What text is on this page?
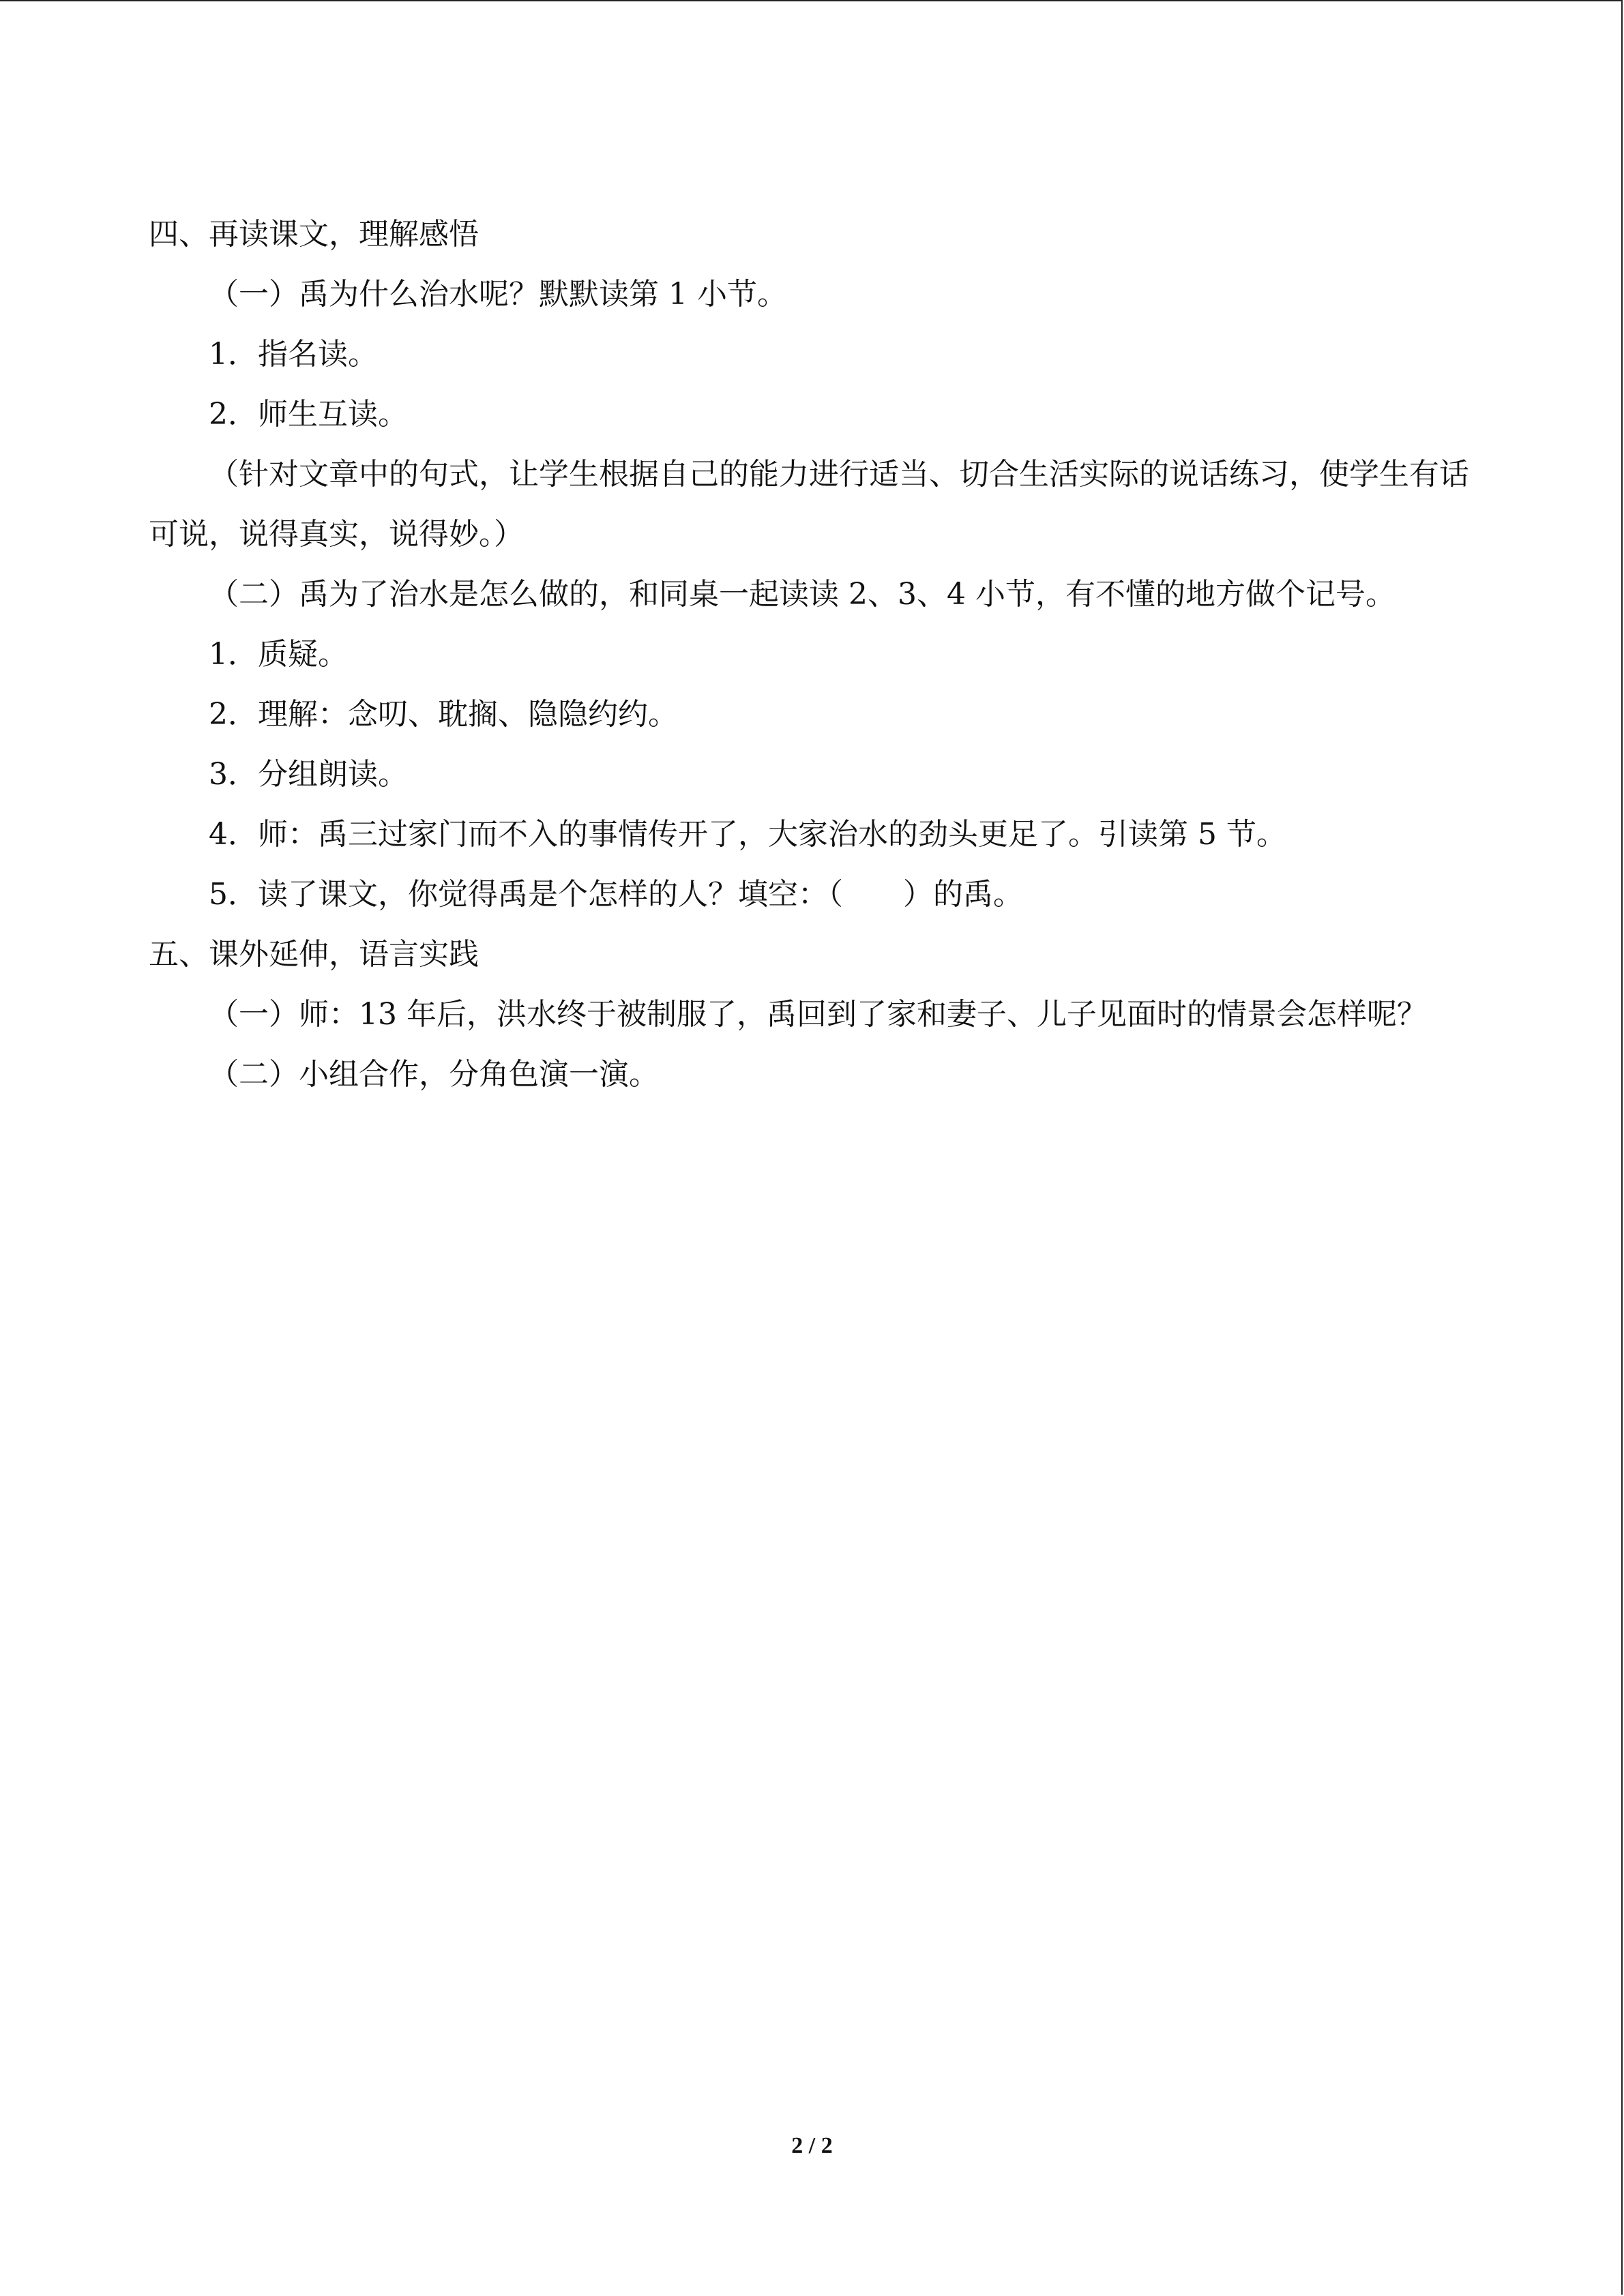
四、再读课文，理解感悟

（一）禹为什么治水呢？默默读第 1 小节。

1．指名读。

2．师生互读。

（针对文章中的句式，让学生根据自己的能力进行适当、切合生活实际的说话练习，使学生有话可说，说得真实，说得妙。）

（二）禹为了治水是怎么做的，和同桌一起读读 2、3、4 小节，有不懂的地方做个记号。

1．质疑。

2．理解：念叨、耽搁、隐隐约约。

3．分组朗读。

4．师：禹三过家门而不入的事情传开了，大家治水的劲头更足了。引读第 5 节。

5．读了课文，你觉得禹是个怎样的人？填空：（　　）的禹。

五、课外延伸，语言实践

（一）师：13 年后，洪水终于被制服了，禹回到了家和妻子、儿子见面时的情景会怎样呢？

（二）小组合作，分角色演一演。

2 / 2
